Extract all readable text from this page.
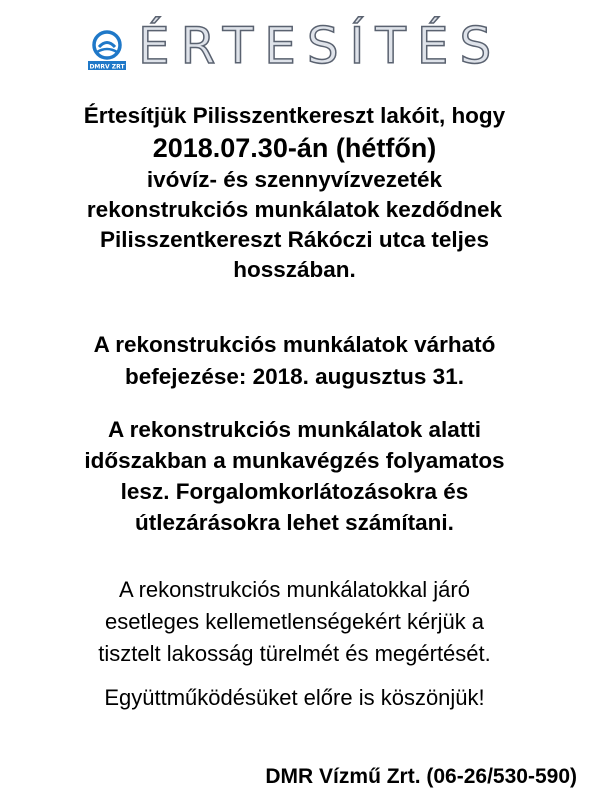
DMRV ZRT ÉRTESÍTÉS
Értesítjük Pilisszentkereszt lakóit, hogy
2018.07.30-án (hétfőn)
ivóvíz- és szennyvízvezeték
rekonstrukciós munkálatok kezdődnek
Pilisszentkereszt Rákóczi utca teljes
hosszában.
A rekonstrukciós munkálatok várható
befejezése: 2018. augusztus 31.
A rekonstrukciós munkálatok alatti
időszakban a munkavégzés folyamatos
lesz. Forgalomkorlátozásokra és
útlezárásokra lehet számítani.
A rekonstrukciós munkálatokkal járó
esetleges kellemetlenségekért kérjük a
tisztelt lakosság türelmét és megértését.
Együttműködésüket előre is köszönjük!
DMR Vízmű Zrt. (06-26/530-590)
